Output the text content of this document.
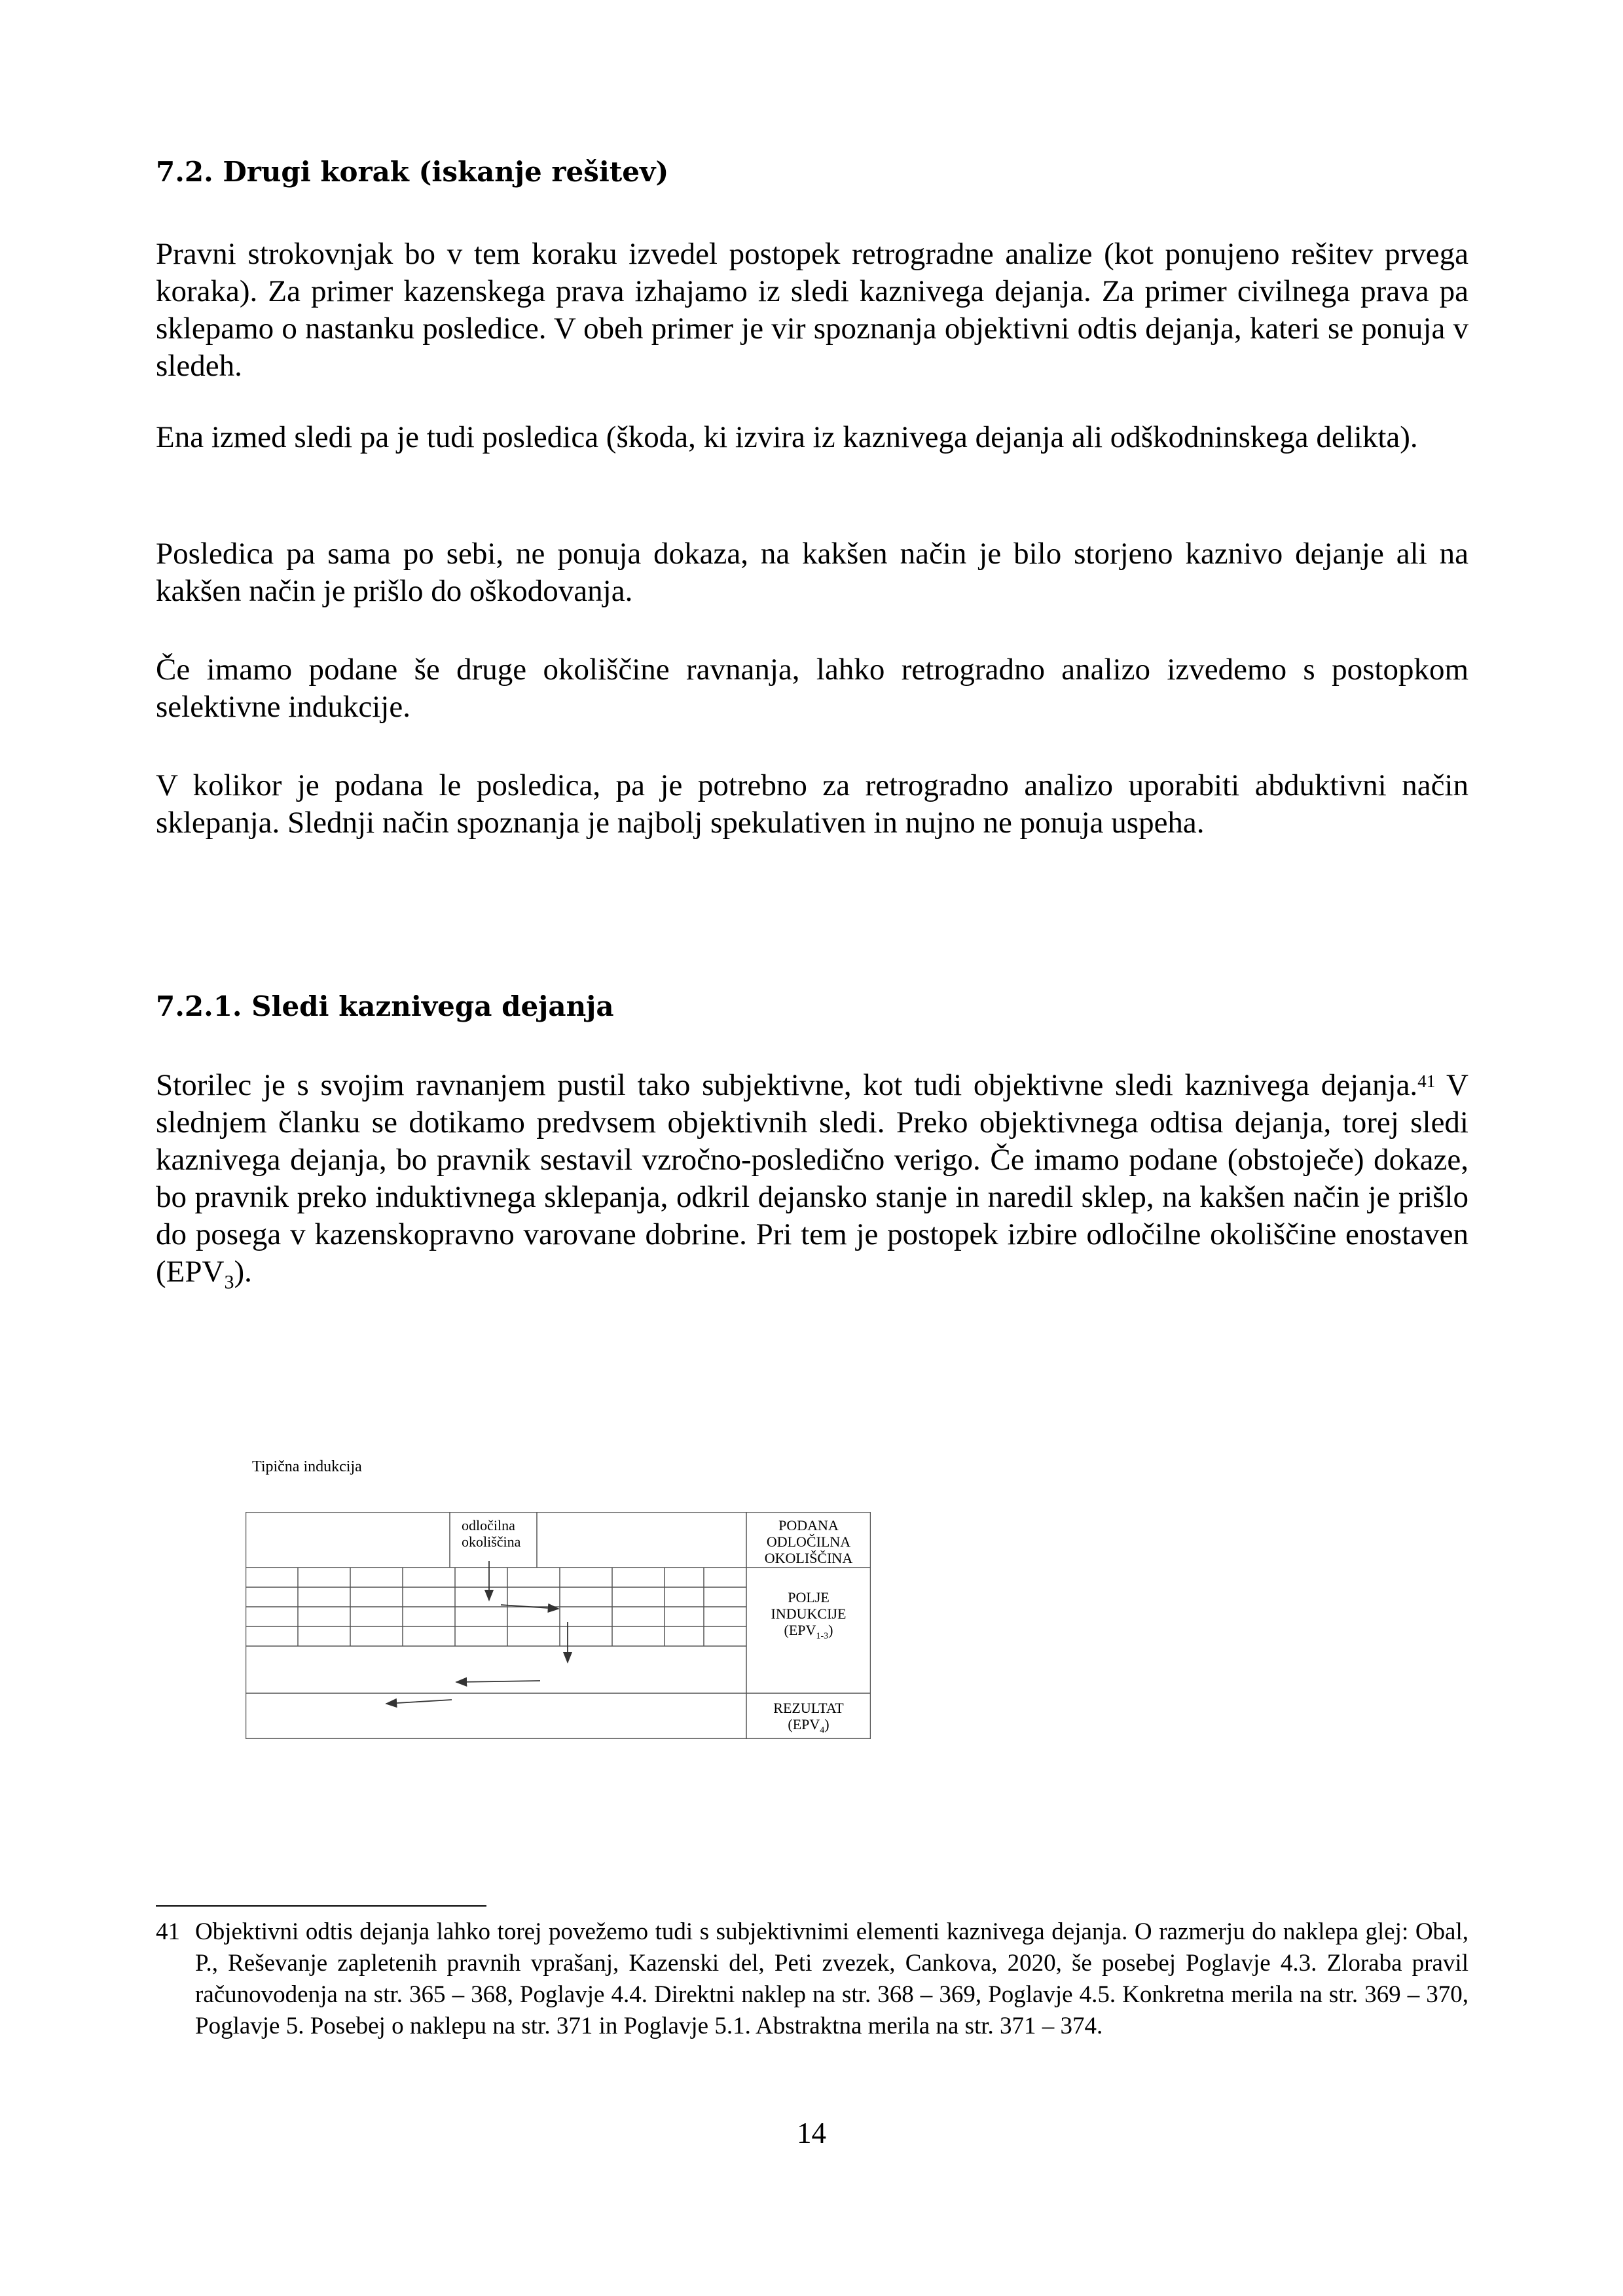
7.2. Drugi korak (iskanje rešitev)

Pravni strokovnjak bo v tem koraku izvedel postopek retrogradne analize (kot ponujeno rešitev prvega koraka). Za primer kazenskega prava izhajamo iz sledi kaznivega dejanja. Za primer civilnega prava pa sklepamo o nastanku posledice. V obeh primer je vir spoznanja objektivni odtis dejanja, kateri se ponuja v sledeh.

Ena izmed sledi pa je tudi posledica (škoda, ki izvira iz kaznivega dejanja ali odškodninskega delikta).

Posledica pa sama po sebi, ne ponuja dokaza, na kakšen način je bilo storjeno kaznivo dejanje ali na kakšen način je prišlo do oškodovanja.

Če imamo podane še druge okoliščine ravnanja, lahko retrogradno analizo izvedemo s postopkom selektivne indukcije.

V kolikor je podana le posledica, pa je potrebno za retrogradno analizo uporabiti abduktivni način sklepanja. Slednji način spoznanja je najbolj spekulativen in nujno ne ponuja uspeha.

7.2.1. Sledi kaznivega dejanja

Storilec je s svojim ravnanjem pustil tako subjektivne, kot tudi objektivne sledi kaznivega dejanja.$^{41}$ V slednjem članku se dotikamo predvsem objektivnih sledi. Preko objektivnega odtisa dejanja, torej sledi kaznivega dejanja, bo pravnik sestavil vzročno-posledično verigo. Če imamo podane (obstoječe) dokaze, bo pravnik preko induktivnega sklepanja, odkril dejansko stanje in naredil sklep, na kakšen način je prišlo do posega v kazenskopravno varovane dobrine. Pri tem je postopek izbire odločilne okoliščine enostaven $(EPV_3)$.

Tipična indukcija

odločilna
okoliščina
PODANA
ODLOČILNA
OKOLIŠČINA
POLJE
INDUKCIJE
$(EPV_{1-3})$
REZULTAT
$(EPV_4)$
41 Objektivni odtis dejanja lahko torej povežemo tudi s subjektivnimi elementi kaznivega dejanja. O razmerju do naklepa glej: Obal, P., Reševanje zapletenih pravnih vprašanj, Kazenski del, Peti zvezek, Cankova, 2020, še posebej Poglavje 4.3. Zloraba pravil računovodenja na str. 365 – 368, Poglavje 4.4. Direktni naklep na str. 368 – 369, Poglavje 4.5. Konkretna merila na str. 369 – 370, Poglavje 5. Posebej o naklepu na str. 371 in Poglavje 5.1. Abstraktna merila na str. 371 – 374.

14
